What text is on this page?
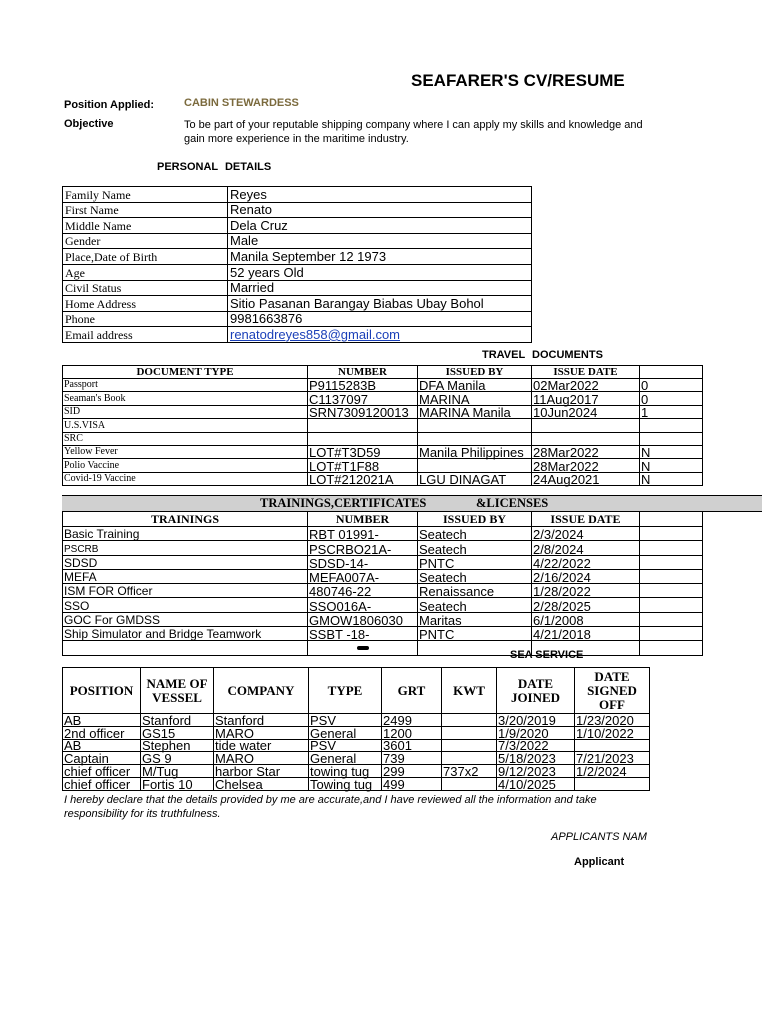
SEAFARER'S CV/RESUME
Position Applied:	CABIN STEWARDESS
Objective	To be part of your reputable shipping company where I can apply my skills and knowledge and gain more experience in the maritime industry.
PERSONAL DETAILS
Family Name	Reyes
First Name	Renato
Middle Name	Dela Cruz
Gender	Male
Place,Date of Birth	Manila September 12 1973
Age	52 years Old
Civil Status	Married
Home Address	Sitio Pasanan Barangay Biabas Ubay Bohol
Phone	9981663876
Email address	renatodreyes858@gmail.com
TRAVEL DOCUMENTS
DOCUMENT TYPE	NUMBER	ISSUED BY	ISSUE DATE	
Passport	P9115283B	DFA Manila	02Mar2022	0
Seaman's Book	C1137097	MARINA	11Aug2017	0
SID	SRN7309120013	MARINA Manila	10Jun2024	1
U.S.VISA				
SRC				
Yellow Fever	LOT#T3D59	Manila Philippines	28Mar2022	N
Polio Vaccine	LOT#T1F88		28Mar2022	N
Covid-19 Vaccine	LOT#212021A	LGU DINAGAT	24Aug2021	N
TRAININGS,CERTIFICATES	&LICENSES
TRAININGS	NUMBER	ISSUED BY	ISSUE DATE	
Basic Training	RBT 01991-	Seatech	2/3/2024	
PSCRB	PSCRBO21A-	Seatech	2/8/2024	
SDSD	SDSD-14-	PNTC	4/22/2022	
MEFA	MEFA007A-	Seatech	2/16/2024	
ISM FOR Officer	480746-22	Renaissance	1/28/2022	
SSO	SSO016A-	Seatech	2/28/2025	
GOC For GMDSS	GMOW1806030	Maritas	6/1/2008	
Ship Simulator and Bridge Teamwork	SSBT -18-	PNTC	4/21/2018	

SEA SERVICE
POSITION	NAME OF VESSEL	COMPANY	TYPE	GRT	KWT	DATE JOINED	DATE SIGNED OFF
AB	Stanford	Stanford	PSV	2499		3/20/2019	1/23/2020
2nd officer	GS15	MARO	General	1200		1/9/2020	1/10/2022
AB	Stephen	tide water	PSV	3601		7/3/2022	
Captain	GS 9	MARO	General	739		5/18/2023	7/21/2023
chief officer	M/Tug	harbor Star	towing tug	299	737x2	9/12/2023	1/2/2024
chief officer	Fortis 10	Chelsea	Towing tug	499		4/10/2025	
I hereby declare that the details provided by me are accurate,and I have reviewed all the information and take responsibility for its truthfulness.
APPLICANTS NAM
Applicant
